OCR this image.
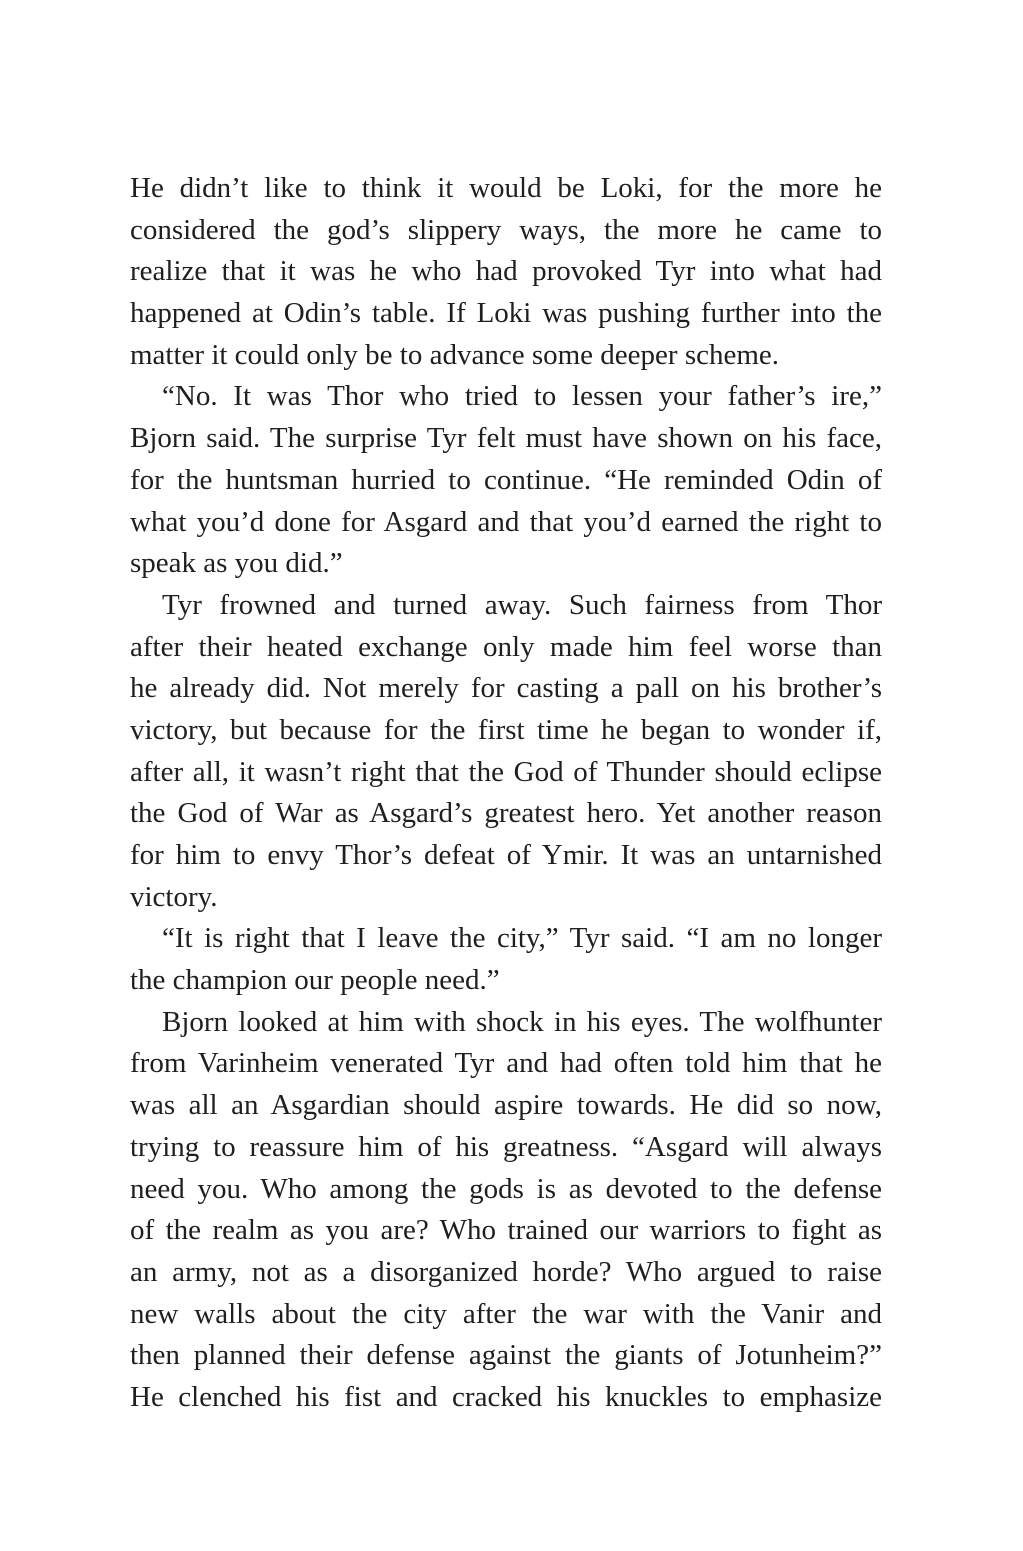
He didn’t like to think it would be Loki, for the more he
considered the god’s slippery ways, the more he came to
realize that it was he who had provoked Tyr into what had
happened at Odin’s table. If Loki was pushing further into the
matter it could only be to advance some deeper scheme.
“No. It was Thor who tried to lessen your father’s ire,”
Bjorn said. The surprise Tyr felt must have shown on his face,
for the huntsman hurried to continue. “He reminded Odin of
what you’d done for Asgard and that you’d earned the right to
speak as you did.”
Tyr frowned and turned away. Such fairness from Thor
after their heated exchange only made him feel worse than
he already did. Not merely for casting a pall on his brother’s
victory, but because for the first time he began to wonder if,
after all, it wasn’t right that the God of Thunder should eclipse
the God of War as Asgard’s greatest hero. Yet another reason
for him to envy Thor’s defeat of Ymir. It was an untarnished
victory.
“It is right that I leave the city,” Tyr said. “I am no longer
the champion our people need.”
Bjorn looked at him with shock in his eyes. The wolfhunter
from Varinheim venerated Tyr and had often told him that he
was all an Asgardian should aspire towards. He did so now,
trying to reassure him of his greatness. “Asgard will always
need you. Who among the gods is as devoted to the defense
of the realm as you are? Who trained our warriors to fight as
an army, not as a disorganized horde? Who argued to raise
new walls about the city after the war with the Vanir and
then planned their defense against the giants of Jotunheim?”
He clenched his fist and cracked his knuckles to emphasize
